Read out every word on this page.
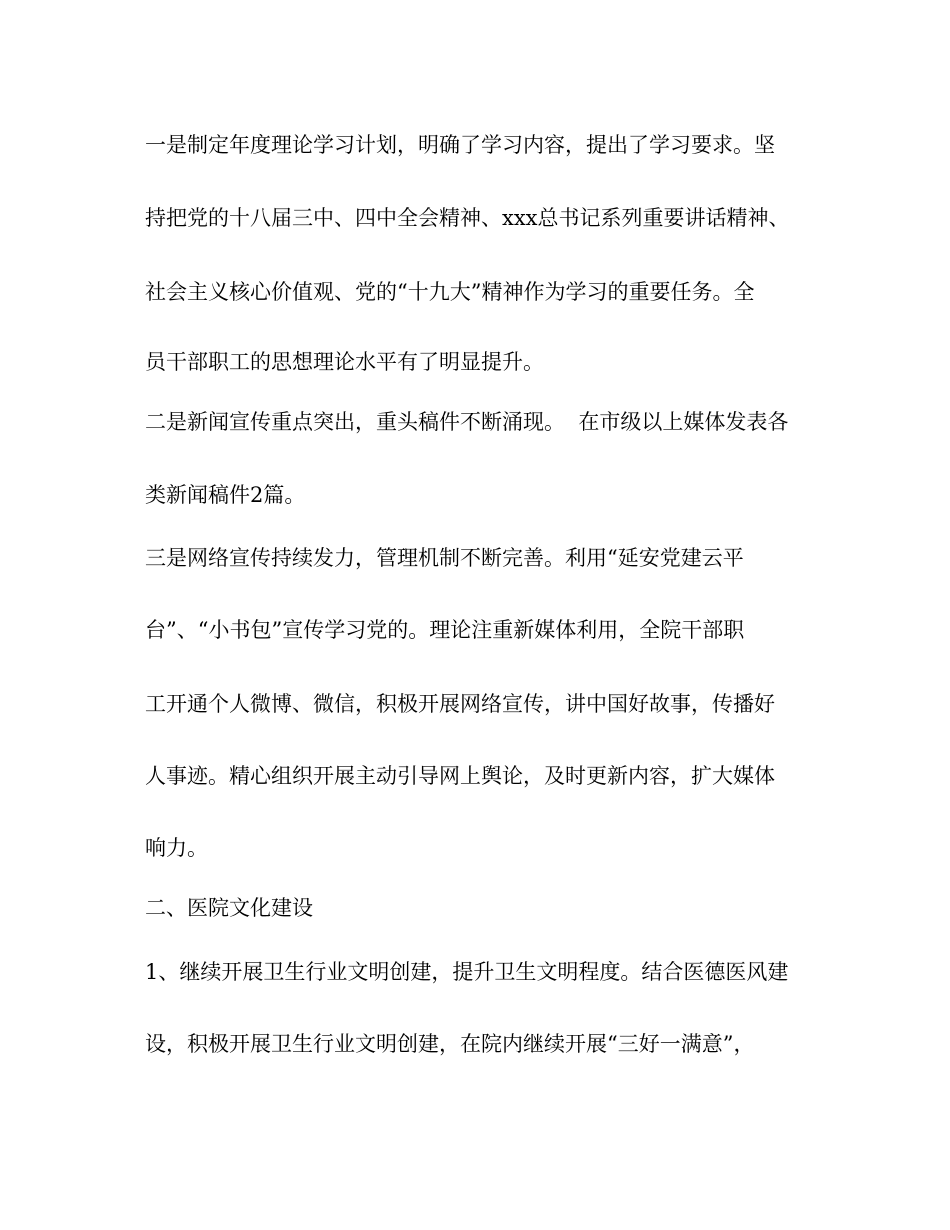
一是制定年度理论学习计划，明确了学习内容，提出了学习要求。坚
持把党的十八届三中、四中全会精神、xxx总书记系列重要讲话精神、
社会主义核心价值观、党的“十九大”精神作为学习的重要任务。全
员干部职工的思想理论水平有了明显提升。
二是新闻宣传重点突出，重头稿件不断涌现。  在市级以上媒体发表各
类新闻稿件2篇。
三是网络宣传持续发力，管理机制不断完善。利用“延安党建云平
台”、“小书包”宣传学习党的。理论注重新媒体利用，全院干部职
工开通个人微博、微信，积极开展网络宣传，讲中国好故事，传播好
人事迹。精心组织开展主动引导网上舆论，及时更新内容，扩大媒体
响力。
二、医院文化建设
1、继续开展卫生行业文明创建，提升卫生文明程度。结合医德医风建
设，积极开展卫生行业文明创建，在院内继续开展“三好一满意”，
